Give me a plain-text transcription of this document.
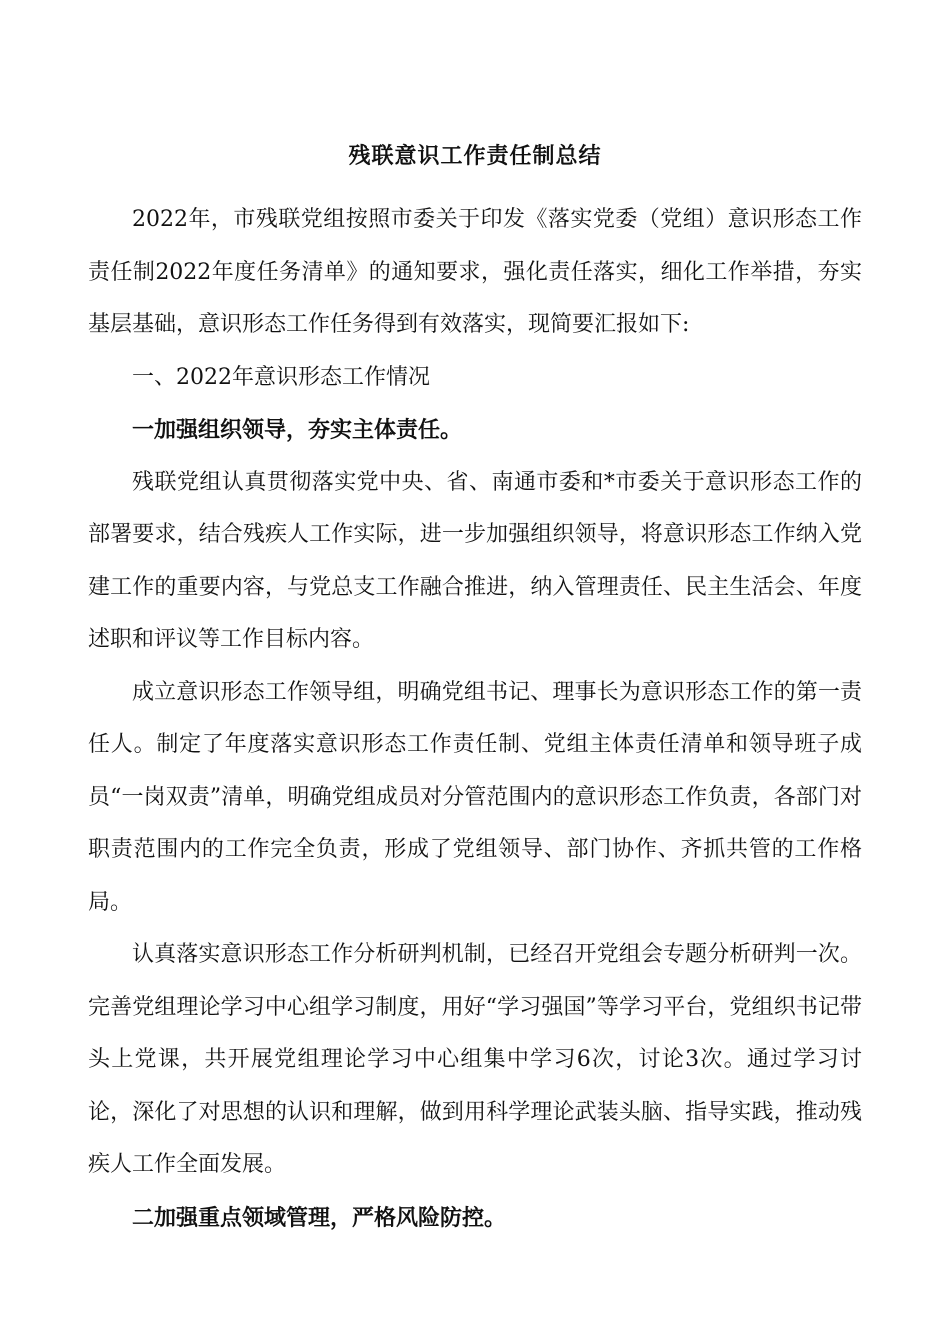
残联意识工作责任制总结

2022年，市残联党组按照市委关于印发《落实党委（党组）意识形态工作责任制2022年度任务清单》的通知要求，强化责任落实，细化工作举措，夯实基层基础，意识形态工作任务得到有效落实，现简要汇报如下:

一、2022年意识形态工作情况

一加强组织领导，夯实主体责任。

残联党组认真贯彻落实党中央、省、南通市委和*市委关于意识形态工作的部署要求，结合残疾人工作实际，进一步加强组织领导，将意识形态工作纳入党建工作的重要内容，与党总支工作融合推进，纳入管理责任、民主生活会、年度述职和评议等工作目标内容。

成立意识形态工作领导组，明确党组书记、理事长为意识形态工作的第一责任人。制定了年度落实意识形态工作责任制、党组主体责任清单和领导班子成员“一岗双责”清单，明确党组成员对分管范围内的意识形态工作负责，各部门对职责范围内的工作完全负责，形成了党组领导、部门协作、齐抓共管的工作格局。

认真落实意识形态工作分析研判机制，已经召开党组会专题分析研判一次。完善党组理论学习中心组学习制度，用好“学习强国”等学习平台，党组织书记带头上党课，共开展党组理论学习中心组集中学习6次，讨论3次。通过学习讨论，深化了对思想的认识和理解，做到用科学理论武装头脑、指导实践，推动残疾人工作全面发展。

二加强重点领域管理，严格风险防控。
